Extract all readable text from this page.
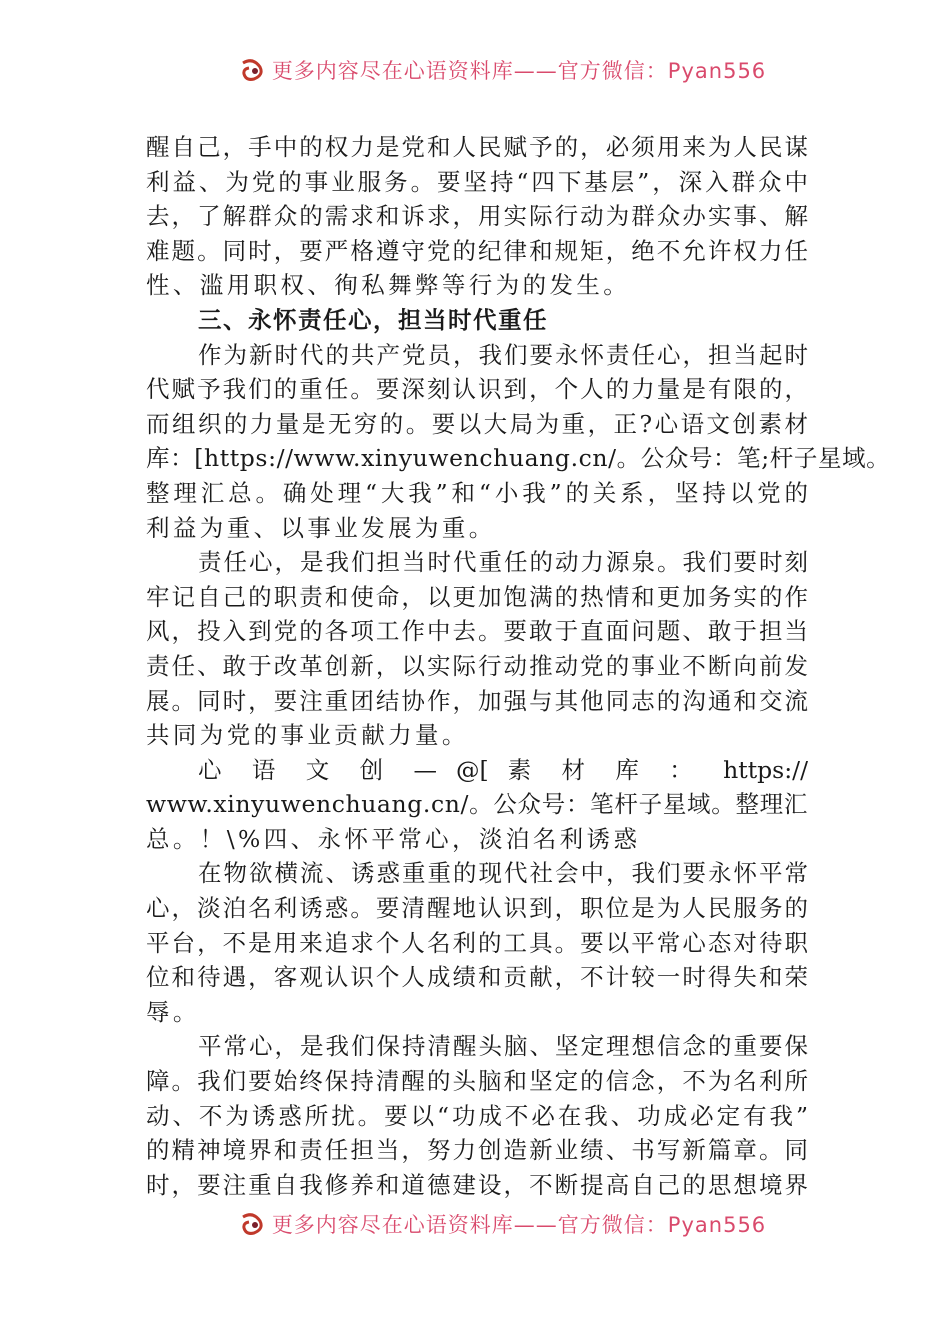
更多内容尽在心语资料库——官方微信：Pyan556
醒自己，手中的权力是党和人民赋予的，必须用来为人民谋
利益、为党的事业服务。要坚持“四下基层”，深入群众中
去，了解群众的需求和诉求，用实际行动为群众办实事、解
难题。同时，要严格遵守党的纪律和规矩，绝不允许权力任
性、滥用职权、徇私舞弊等行为的发生。
三、永怀责任心，担当时代重任
作为新时代的共产党员，我们要永怀责任心，担当起时
代赋予我们的重任。要深刻认识到，个人的力量是有限的，
而组织的力量是无穷的。要以大局为重，正?心语文创素材
库：[https://www.xinyuwenchuang.cn/。公众号：笔;杆子星域。
整理汇总。确处理“大我”和“小我”的关系，坚持以党的
利益为重、以事业发展为重。
责任心，是我们担当时代重任的动力源泉。我们要时刻
牢记自己的职责和使命，以更加饱满的热情和更加务实的作
风，投入到党的各项工作中去。要敢于直面问题、敢于担当
责任、敢于改革创新，以实际行动推动党的事业不断向前发
展。同时，要注重团结协作，加强与其他同志的沟通和交流
共同为党的事业贡献力量。
心 语 文 创 — @[ 素 材 库 ： https://
www.xinyuwenchuang.cn/。公众号：笔杆子星域。整理汇
总。！\%四、永怀平常心，淡泊名利诱惑
在物欲横流、诱惑重重的现代社会中，我们要永怀平常
心，淡泊名利诱惑。要清醒地认识到，职位是为人民服务的
平台，不是用来追求个人名利的工具。要以平常心态对待职
位和待遇，客观认识个人成绩和贡献，不计较一时得失和荣
辱。
平常心，是我们保持清醒头脑、坚定理想信念的重要保
障。我们要始终保持清醒的头脑和坚定的信念，不为名利所
动、不为诱惑所扰。要以“功成不必在我、功成必定有我”
的精神境界和责任担当，努力创造新业绩、书写新篇章。同
时，要注重自我修养和道德建设，不断提高自己的思想境界
更多内容尽在心语资料库——官方微信：Pyan556
